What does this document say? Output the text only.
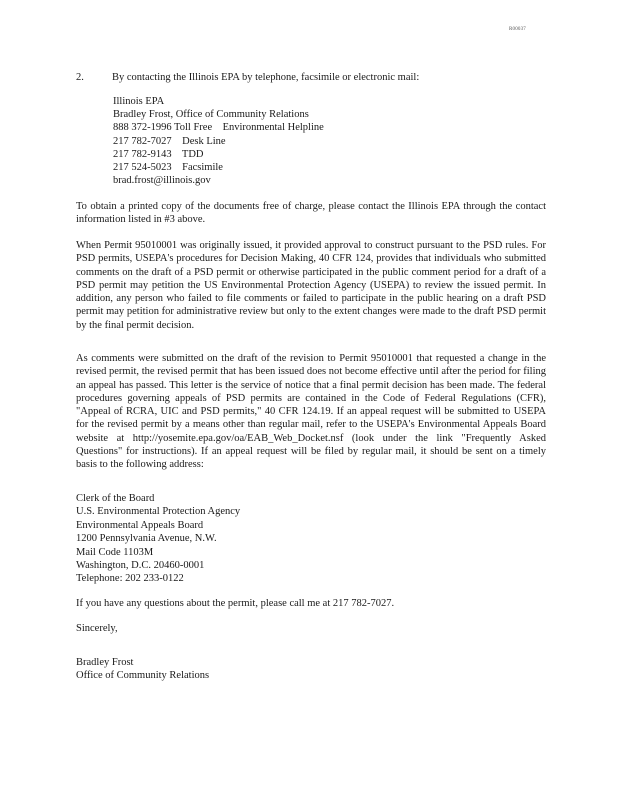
R00037
2.	By contacting the Illinois EPA by telephone, facsimile or electronic mail:
Illinois EPA
Bradley Frost, Office of Community Relations
888 372-1996 Toll Free    Environmental Helpline
217 782-7027    Desk Line
217 782-9143    TDD
217 524-5023    Facsimile
brad.frost@illinois.gov
To obtain a printed copy of the documents free of charge, please contact the Illinois EPA through the contact information listed in #3 above.
When Permit 95010001 was originally issued, it provided approval to construct pursuant to the PSD rules. For PSD permits, USEPA's procedures for Decision Making, 40 CFR 124, provides that individuals who submitted comments on the draft of a PSD permit or otherwise participated in the public comment period for a draft of a PSD permit may petition the US Environmental Protection Agency (USEPA) to review the issued permit. In addition, any person who failed to file comments or failed to participate in the public hearing on a draft PSD permit may petition for administrative review but only to the extent changes were made to the draft PSD permit by the final permit decision.
As comments were submitted on the draft of the revision to Permit 95010001 that requested a change in the revised permit, the revised permit that has been issued does not become effective until after the period for filing an appeal has passed. This letter is the service of notice that a final permit decision has been made. The federal procedures governing appeals of PSD permits are contained in the Code of Federal Regulations (CFR), "Appeal of RCRA, UIC and PSD permits," 40 CFR 124.19. If an appeal request will be submitted to USEPA for the revised permit by a means other than regular mail, refer to the USEPA's Environmental Appeals Board website at http://yosemite.epa.gov/oa/EAB_Web_Docket.nsf (look under the link "Frequently Asked Questions" for instructions). If an appeal request will be filed by regular mail, it should be sent on a timely basis to the following address:
Clerk of the Board
U.S. Environmental Protection Agency
Environmental Appeals Board
1200 Pennsylvania Avenue, N.W.
Mail Code 1103M
Washington, D.C. 20460-0001
Telephone: 202 233-0122
If you have any questions about the permit, please call me at 217 782-7027.
Sincerely,
Bradley Frost
Office of Community Relations
